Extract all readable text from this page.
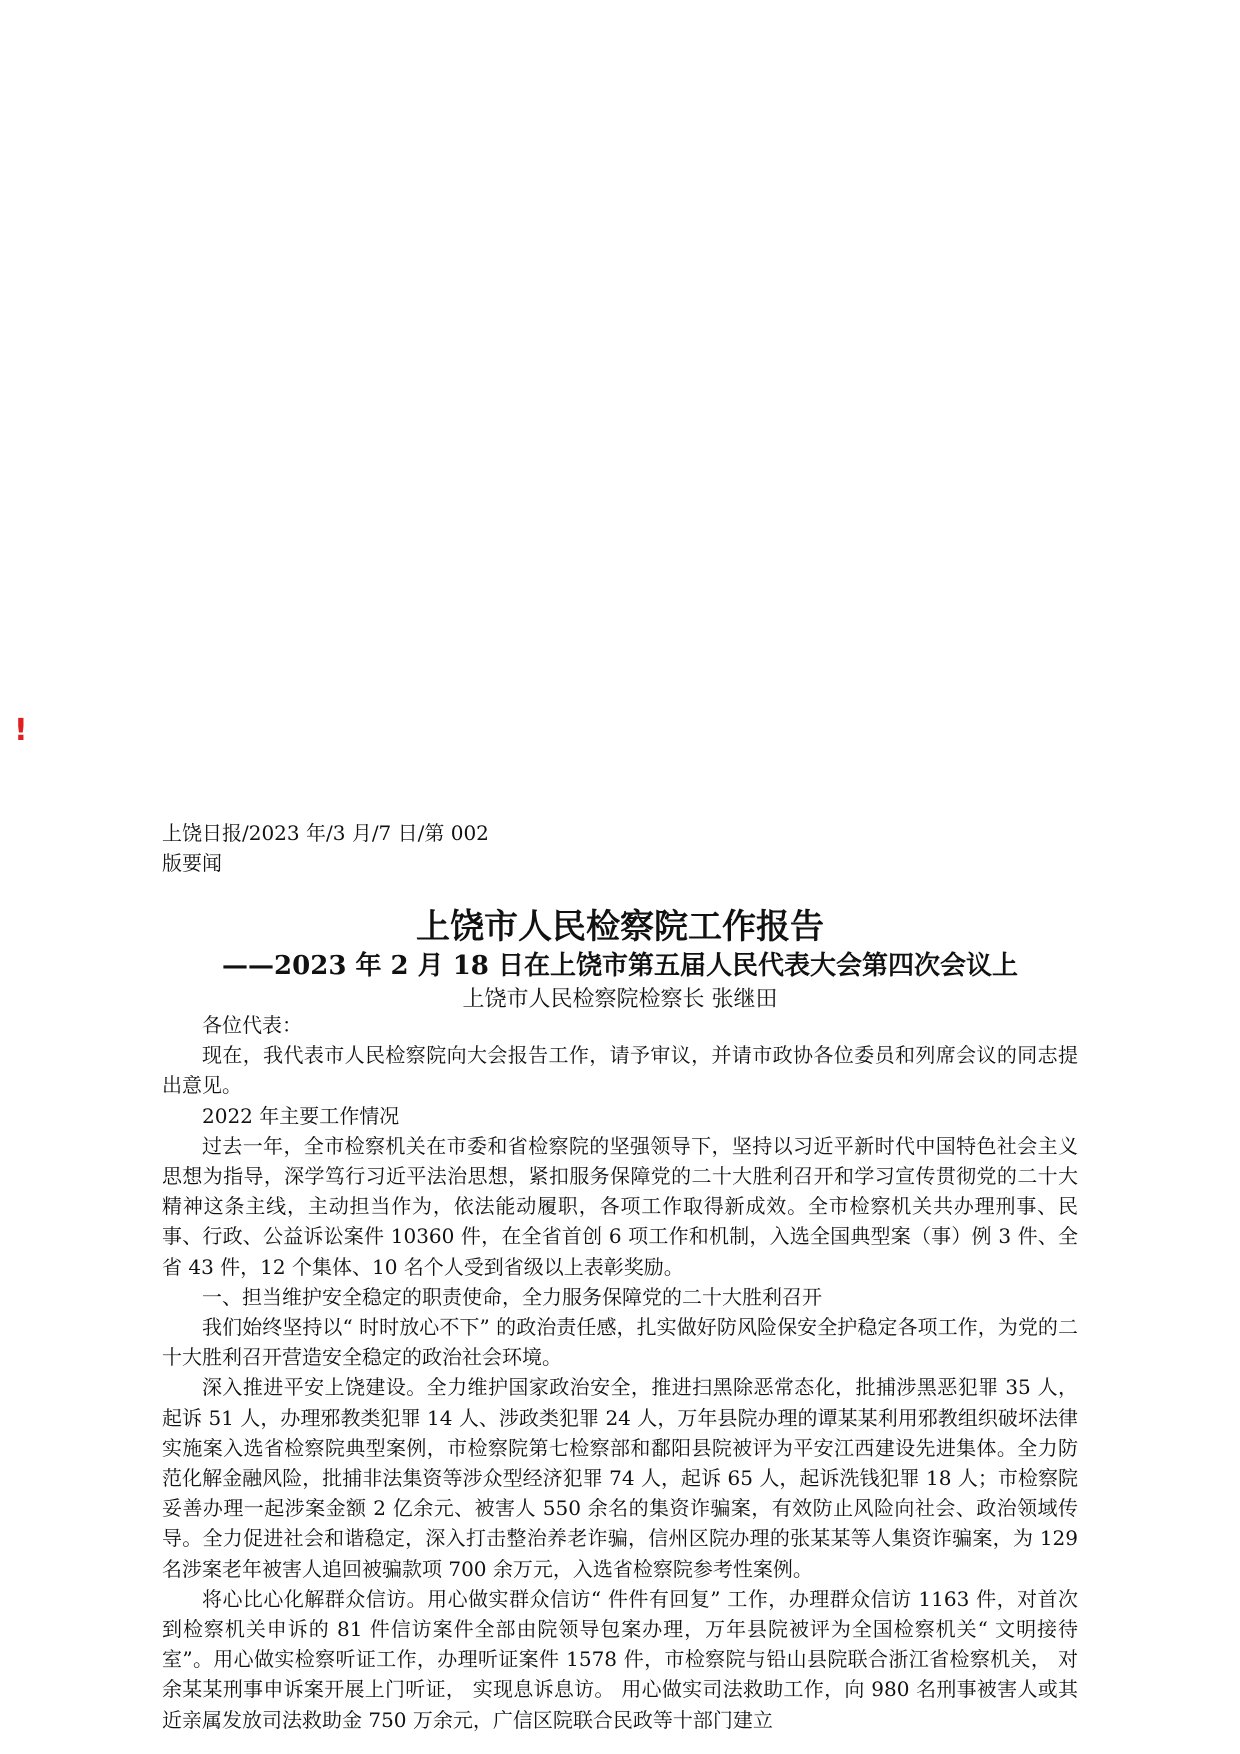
!
上饶日报/2023 年/3 月/7 日/第 002
版要闻
上饶市人民检察院工作报告
——2023 年 2 月 18 日在上饶市第五届人民代表大会第四次会议上
上饶市人民检察院检察长 张继田

各位代表：

现在，我代表市人民检察院向大会报告工作，请予审议，并请市政协各位委员和列席会议的同志提出意见。

2022 年主要工作情况

过去一年，全市检察机关在市委和省检察院的坚强领导下，坚持以习近平新时代中国特色社会主义思想为指导，深学笃行习近平法治思想，紧扣服务保障党的二十大胜利召开和学习宣传贯彻党的二十大精神这条主线，主动担当作为，依法能动履职，各项工作取得新成效。全市检察机关共办理刑事、民事、行政、公益诉讼案件 10360 件，在全省首创 6 项工作和机制，入选全国典型案（事）例 3 件、全省 43 件，12 个集体、10 名个人受到省级以上表彰奖励。

一、担当维护安全稳定的职责使命，全力服务保障党的二十大胜利召开

我们始终坚持以“ 时时放心不下” 的政治责任感，扎实做好防风险保安全护稳定各项工作，为党的二十大胜利召开营造安全稳定的政治社会环境。

深入推进平安上饶建设。全力维护国家政治安全，推进扫黑除恶常态化，批捕涉黑恶犯罪 35 人，起诉 51 人，办理邪教类犯罪 14 人、涉政类犯罪 24 人，万年县院办理的谭某某利用邪教组织破坏法律实施案入选省检察院典型案例，市检察院第七检察部和鄱阳县院被评为平安江西建设先进集体。全力防范化解金融风险，批捕非法集资等涉众型经济犯罪 74 人，起诉 65 人，起诉洗钱犯罪 18 人；市检察院妥善办理一起涉案金额 2 亿余元、被害人 550 余名的集资诈骗案，有效防止风险向社会、政治领域传导。全力促进社会和谐稳定，深入打击整治养老诈骗，信州区院办理的张某某等人集资诈骗案，为 129 名涉案老年被害人追回被骗款项 700 余万元，入选省检察院参考性案例。

将心比心化解群众信访。用心做实群众信访“ 件件有回复” 工作，办理群众信访 1163 件，对首次到检察机关申诉的 81 件信访案件全部由院领导包案办理，万年县院被评为全国检察机关“ 文明接待室”。用心做实检察听证工作，办理听证案件 1578 件，市检察院与铅山县院联合浙江省检察机关， 对余某某刑事申诉案开展上门听证， 实现息诉息访。 用心做实司法救助工作，向 980 名刑事被害人或其近亲属发放司法救助金 750 万余元，广信区院联合民政等十部门建立
